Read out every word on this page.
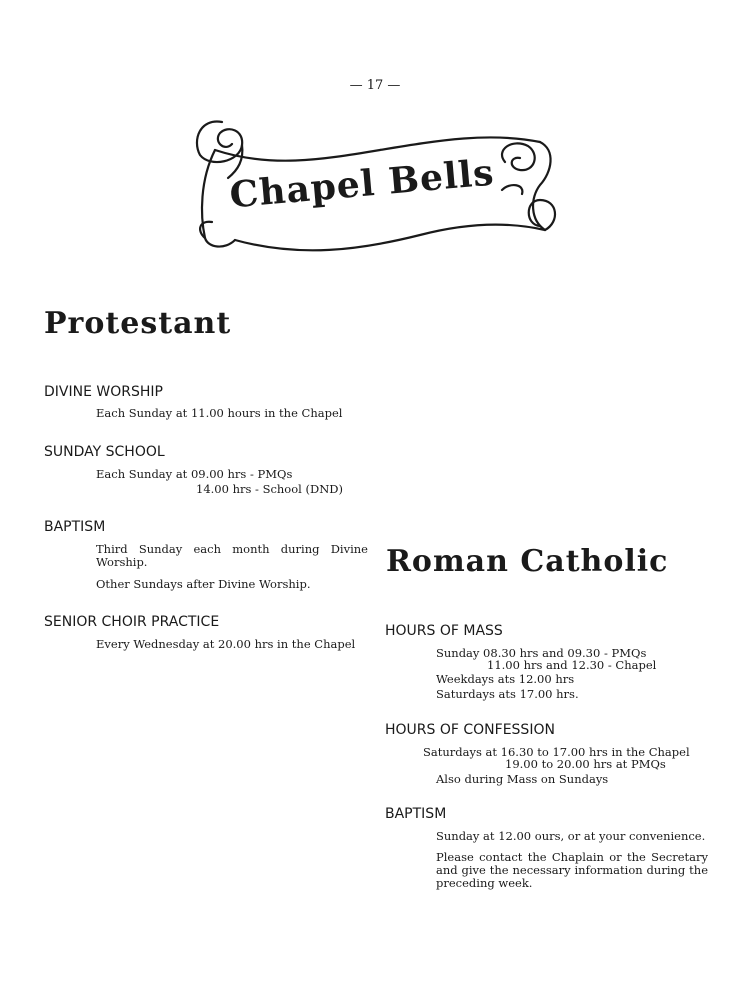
— 17 —
Chapel Bells
Protestant
DIVINE WORSHIP
Each Sunday at 11.00 hours in the Chapel
SUNDAY SCHOOL
Each Sunday at 09.00 hrs - PMQs
14.00 hrs - School (DND)
BAPTISM
Third Sunday each month during Divine Worship.
Other Sundays after Divine Worship.
SENIOR CHOIR PRACTICE
Every Wednesday at 20.00 hrs in the Chapel
Roman Catholic
HOURS OF MASS
Sunday 08.30 hrs and 09.30 - PMQs
11.00 hrs and 12.30 - Chapel
Weekdays ats 12.00 hrs
Saturdays ats 17.00 hrs.
HOURS OF CONFESSION
Saturdays at 16.30 to 17.00 hrs in the Chapel
19.00 to 20.00 hrs at PMQs
Also during Mass on Sundays
BAPTISM
Sunday at 12.00 ours, or at your convenience.
Please contact the Chaplain or the Secretary and give the necessary information during the preceding week.
